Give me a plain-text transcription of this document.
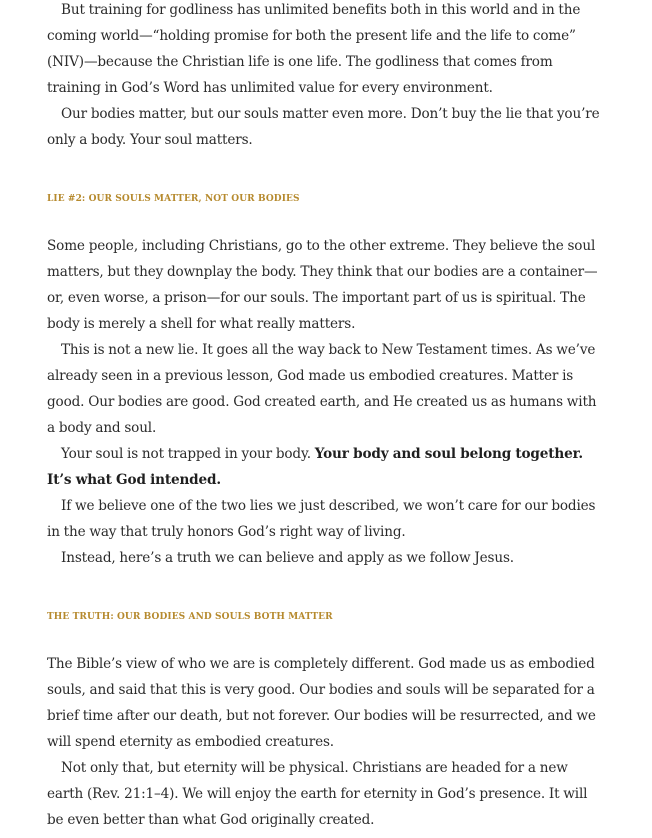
But training for godliness has unlimited benefits both in this world and in the coming world—“holding promise for both the present life and the life to come” (NIV)—because the Christian life is one life. The godliness that comes from training in God’s Word has unlimited value for every environment.

Our bodies matter, but our souls matter even more. Don’t buy the lie that you’re only a body. Your soul matters.

lie #2: our souls matter, not our bodies

Some people, including Christians, go to the other extreme. They believe the soul matters, but they downplay the body. They think that our bodies are a container— or, even worse, a prison—for our souls. The important part of us is spiritual. The body is merely a shell for what really matters.

This is not a new lie. It goes all the way back to New Testament times. As we’ve already seen in a previous lesson, God made us embodied creatures. Matter is good. Our bodies are good. God created earth, and He created us as humans with a body and soul.

Your soul is not trapped in your body. Your body and soul belong together. It’s what God intended.

If we believe one of the two lies we just described, we won’t care for our bodies in the way that truly honors God’s right way of living.

Instead, here’s a truth we can believe and apply as we follow Jesus.

the truth: our bodies and souls both matter

The Bible’s view of who we are is completely different. God made us as embodied souls, and said that this is very good. Our bodies and souls will be separated for a brief time after our death, but not forever. Our bodies will be resurrected, and we will spend eternity as embodied creatures.

Not only that, but eternity will be physical. Christians are headed for a new earth (Rev. 21:1–4). We will enjoy the earth for eternity in God’s presence. It will be even better than what God originally created.
